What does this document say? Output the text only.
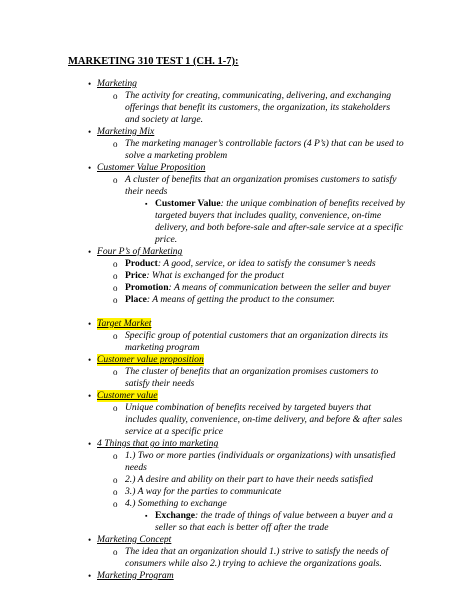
MARKETING 310 TEST 1 (CH. 1-7):
• Marketing
o The activity for creating, communicating, delivering, and exchanging
offerings that benefit its customers, the organization, its stakeholders
and society at large.
• Marketing Mix
o The marketing manager’s controllable factors (4 P’s) that can be used to
solve a marketing problem
• Customer Value Proposition
o A cluster of benefits that an organization promises customers to satisfy
their needs
▪ Customer Value: the unique combination of benefits received by
targeted buyers that includes quality, convenience, on-time
delivery, and both before-sale and after-sale service at a specific
price.
• Four P’s of Marketing
o Product: A good, service, or idea to satisfy the consumer’s needs
o Price: What is exchanged for the product
o Promotion: A means of communication between the seller and buyer
o Place: A means of getting the product to the consumer.
• Target Market
o Specific group of potential customers that an organization directs its
marketing program
• Customer value proposition
o The cluster of benefits that an organization promises customers to
satisfy their needs
• Customer value
o Unique combination of benefits received by targeted buyers that
includes quality, convenience, on-time delivery, and before & after sales
service at a specific price
• 4 Things that go into marketing
o 1.) Two or more parties (individuals or organizations) with unsatisfied
needs
o 2.) A desire and ability on their part to have their needs satisfied
o 3.) A way for the parties to communicate
o 4.) Something to exchange
▪ Exchange: the trade of things of value between a buyer and a
seller so that each is better off after the trade
• Marketing Concept
o The idea that an organization should 1.) strive to satisfy the needs of
consumers while also 2.) trying to achieve the organizations goals.
• Marketing Program
